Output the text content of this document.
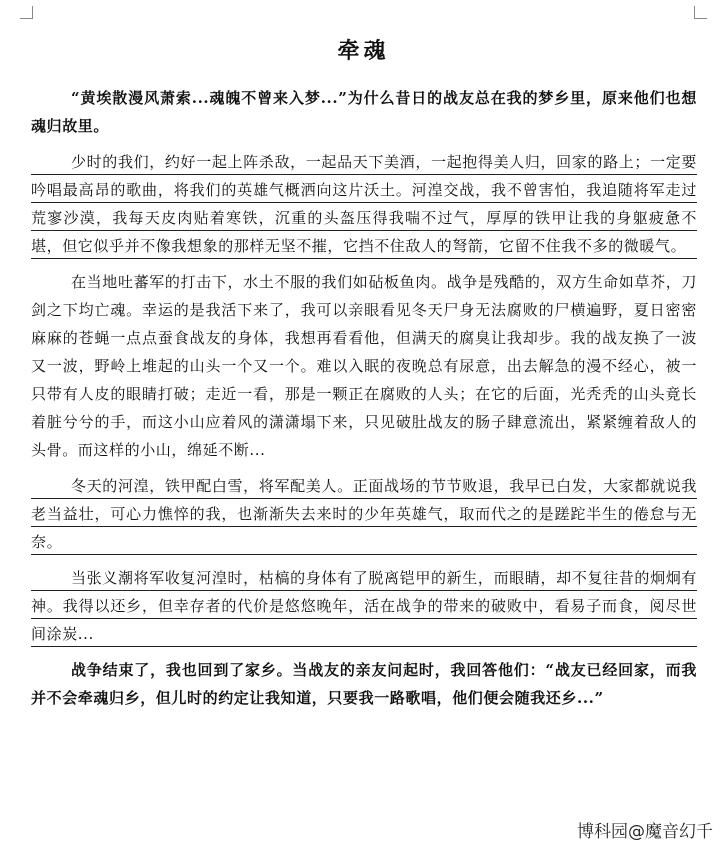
牵魂

“黄埃散漫风萧索...魂魄不曾来入梦...”为什么昔日的战友总在我的梦乡里，原来他们也想魂归故里。

少时的我们，约好一起上阵杀敌，一起品天下美酒，一起抱得美人归，回家的路上；一定要吟唱最高昂的歌曲，将我们的英雄气概洒向这片沃土。河湟交战，我不曾害怕，我追随将军走过荒寥沙漠，我每天皮肉贴着寒铁，沉重的头盔压得我喘不过气，厚厚的铁甲让我的身躯疲惫不堪，但它似乎并不像我想象的那样无坚不摧，它挡不住敌人的弩箭，它留不住我不多的微暖气。

在当地吐蕃军的打击下，水土不服的我们如砧板鱼肉。战争是残酷的，双方生命如草芥，刀剑之下均亡魂。幸运的是我活下来了，我可以亲眼看见冬天尸身无法腐败的尸横遍野，夏日密密麻麻的苍蝇一点点蚕食战友的身体，我想再看看他，但满天的腐臭让我却步。我的战友换了一波又一波，野岭上堆起的山头一个又一个。难以入眠的夜晚总有尿意，出去解急的漫不经心，被一只带有人皮的眼睛打破；走近一看，那是一颗正在腐败的人头；在它的后面，光秃秃的山头竟长着脏兮兮的手，而这小山应着风的潇潇塌下来，只见破肚战友的肠子肆意流出，紧紧缠着敌人的头骨。而这样的小山，绵延不断...

冬天的河湟，铁甲配白雪，将军配美人。正面战场的节节败退，我早已白发，大家都就说我老当益壮，可心力憔悴的我，也渐渐失去来时的少年英雄气，取而代之的是蹉跎半生的倦怠与无奈。

当张义潮将军收复河湟时，枯槁的身体有了脱离铠甲的新生，而眼睛，却不复往昔的炯炯有神。我得以还乡，但幸存者的代价是悠悠晚年，活在战争的带来的破败中，看易子而食，阅尽世间涂炭...

战争结束了，我也回到了家乡。当战友的亲友问起时，我回答他们：“战友已经回家，而我并不会牵魂归乡，但儿时的约定让我知道，只要我一路歌唱，他们便会随我还乡...”

博科园@魔音幻千
